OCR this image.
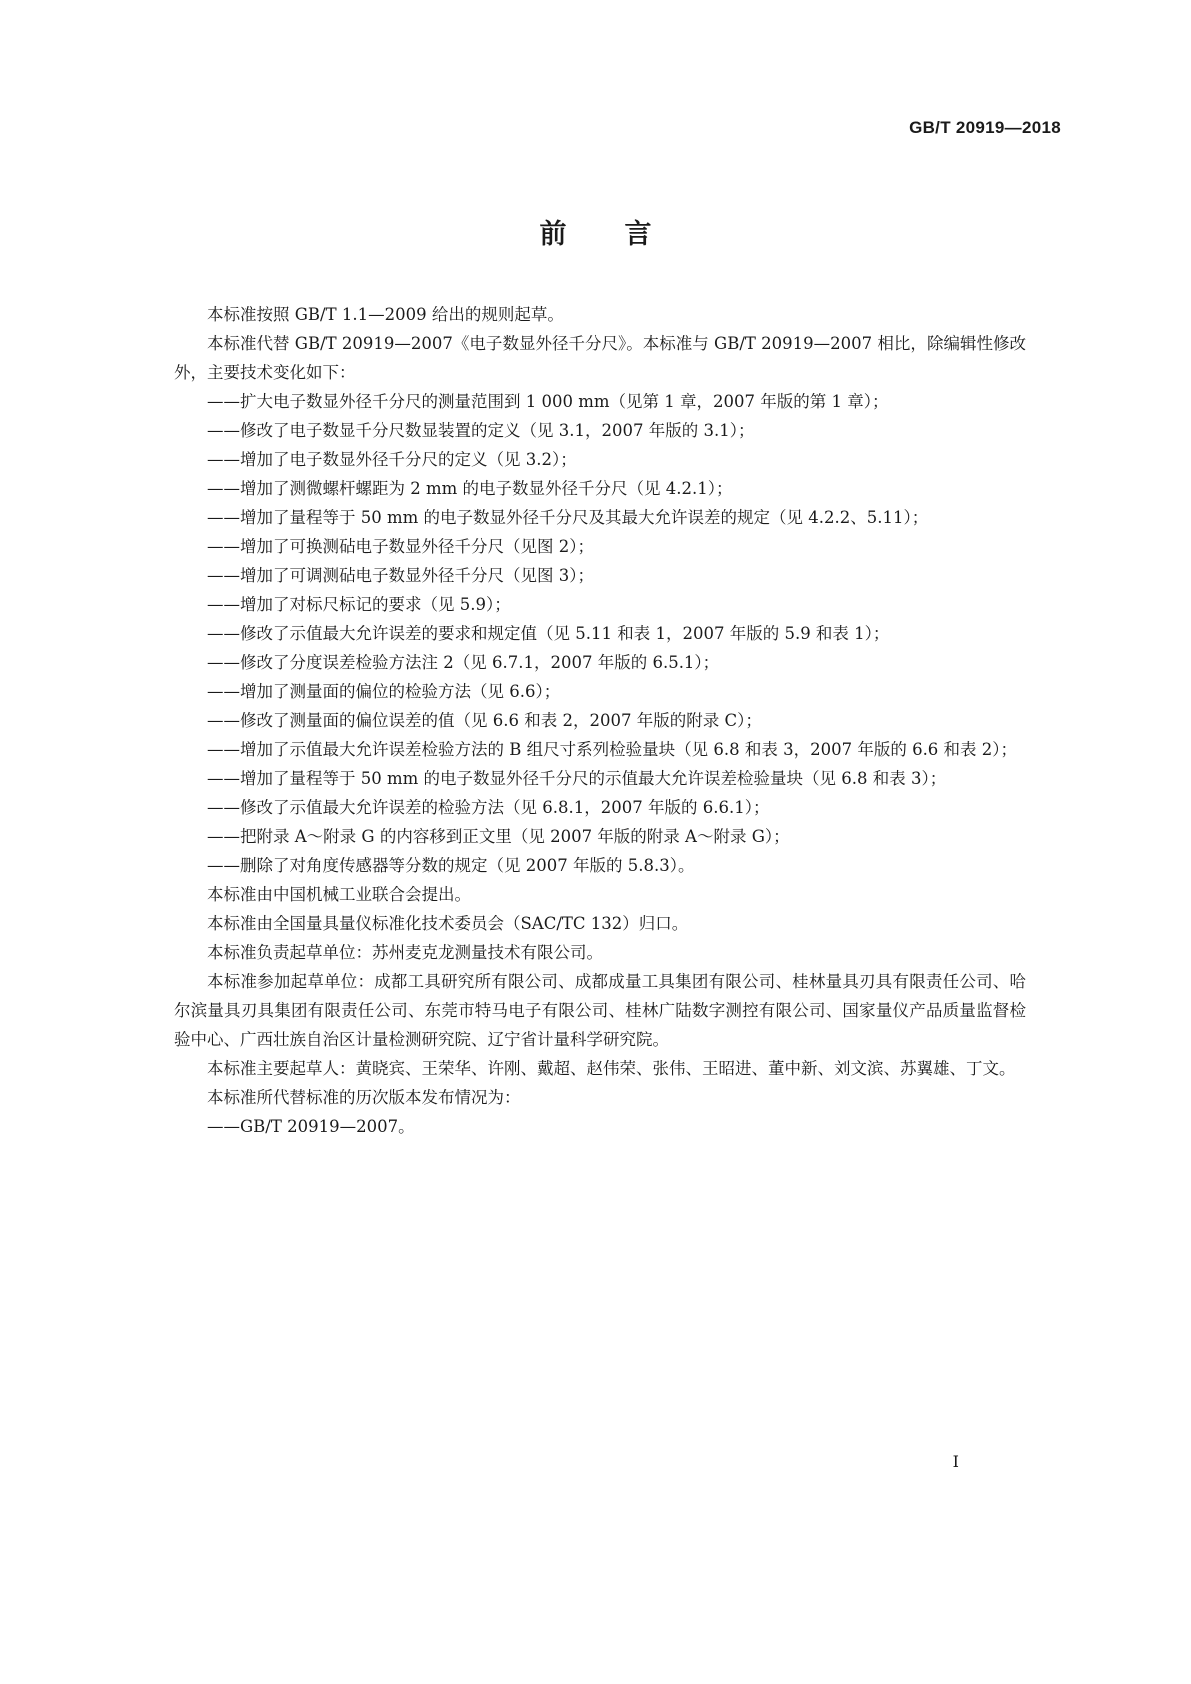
GB/T 20919—2018
前言

本标准按照 GB/T 1.1—2009 给出的规则起草。

本标准代替 GB/T 20919—2007《电子数显外径千分尺》。本标准与 GB/T 20919—2007 相比，除编辑性修改外，主要技术变化如下：

——扩大电子数显外径千分尺的测量范围到 1 000 mm（见第 1 章，2007 年版的第 1 章）；

——修改了电子数显千分尺数显装置的定义（见 3.1，2007 年版的 3.1）；

——增加了电子数显外径千分尺的定义（见 3.2）；

——增加了测微螺杆螺距为 2 mm 的电子数显外径千分尺（见 4.2.1）；

——增加了量程等于 50 mm 的电子数显外径千分尺及其最大允许误差的规定（见 4.2.2、5.11）；

——增加了可换测砧电子数显外径千分尺（见图 2）；

——增加了可调测砧电子数显外径千分尺（见图 3）；

——增加了对标尺标记的要求（见 5.9）；

——修改了示值最大允许误差的要求和规定值（见 5.11 和表 1，2007 年版的 5.9 和表 1）；

——修改了分度误差检验方法注 2（见 6.7.1，2007 年版的 6.5.1）；

——增加了测量面的偏位的检验方法（见 6.6）；

——修改了测量面的偏位误差的值（见 6.6 和表 2，2007 年版的附录 C）；

——增加了示值最大允许误差检验方法的 B 组尺寸系列检验量块（见 6.8 和表 3，2007 年版的 6.6 和表 2）；

——增加了量程等于 50 mm 的电子数显外径千分尺的示值最大允许误差检验量块（见 6.8 和表 3）；

——修改了示值最大允许误差的检验方法（见 6.8.1，2007 年版的 6.6.1）；

——把附录 A～附录 G 的内容移到正文里（见 2007 年版的附录 A～附录 G）；

——删除了对角度传感器等分数的规定（见 2007 年版的 5.8.3）。

本标准由中国机械工业联合会提出。

本标准由全国量具量仪标准化技术委员会（SAC/TC 132）归口。

本标准负责起草单位：苏州麦克龙测量技术有限公司。

本标准参加起草单位：成都工具研究所有限公司、成都成量工具集团有限公司、桂林量具刃具有限责任公司、哈尔滨量具刃具集团有限责任公司、东莞市特马电子有限公司、桂林广陆数字测控有限公司、国家量仪产品质量监督检验中心、广西壮族自治区计量检测研究院、辽宁省计量科学研究院。

本标准主要起草人：黄晓宾、王荣华、许刚、戴超、赵伟荣、张伟、王昭进、董中新、刘文滨、苏翼雄、丁文。

本标准所代替标准的历次版本发布情况为：

——GB/T 20919—2007。

I
